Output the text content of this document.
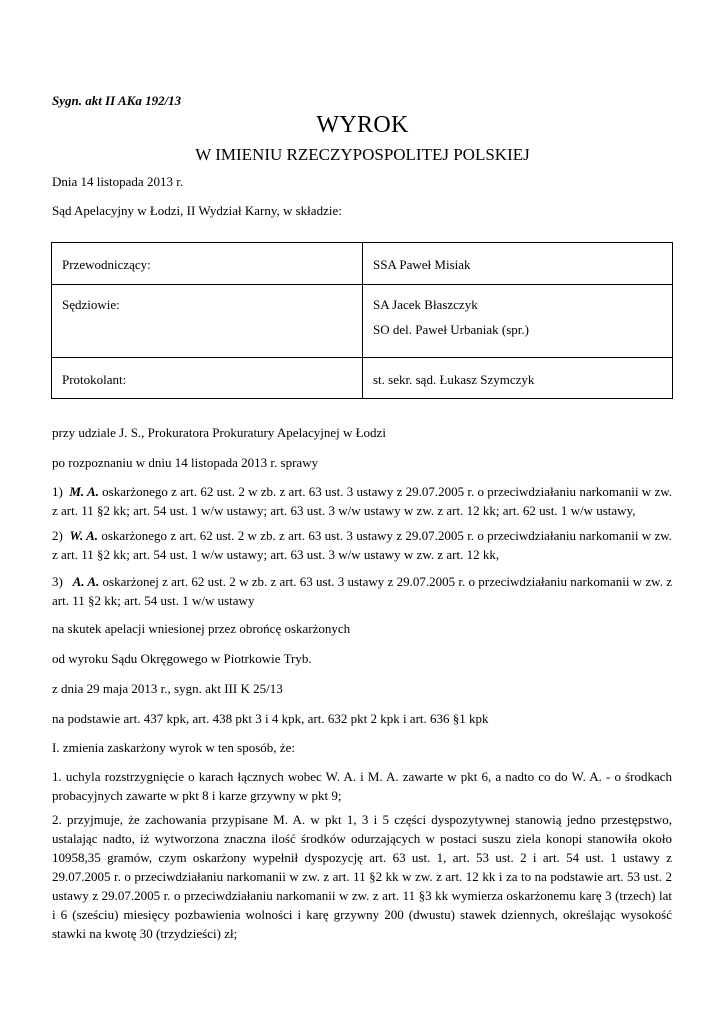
Sygn. akt II AKa 192/13
WYROK
W IMIENIU RZECZYPOSPOLITEJ POLSKIEJ
Dnia 14 listopada 2013 r.
Sąd Apelacyjny w Łodzi, II Wydział Karny, w składzie:
Przewodniczący:	SSA Paweł Misiak

Sędziowie:	SA Jacek Błaszczyk
SO del. Paweł Urbaniak (spr.)

Protokolant:	st. sekr. sąd. Łukasz Szymczyk
przy udziale J. S., Prokuratora Prokuratury Apelacyjnej w Łodzi
po rozpoznaniu w dniu 14 listopada 2013 r. sprawy
1) M. A. oskarżonego z art. 62 ust. 2 w zb. z art. 63 ust. 3 ustawy z 29.07.2005 r. o przeciwdziałaniu narkomanii w zw. z art. 11 §2 kk; art. 54 ust. 1 w/w ustawy; art. 63 ust. 3 w/w ustawy w zw. z art. 12 kk; art. 62 ust. 1 w/w ustawy,
2) W. A. oskarżonego z art. 62 ust. 2 w zb. z art. 63 ust. 3 ustawy z 29.07.2005 r. o przeciwdziałaniu narkomanii w zw. z art. 11 §2 kk; art. 54 ust. 1 w/w ustawy; art. 63 ust. 3 w/w ustawy w zw. z art. 12 kk,
3) A. A. oskarżonej z art. 62 ust. 2 w zb. z art. 63 ust. 3 ustawy z 29.07.2005 r. o przeciwdziałaniu narkomanii w zw. z art. 11 §2 kk; art. 54 ust. 1 w/w ustawy
na skutek apelacji wniesionej przez obrońcę oskarżonych
od wyroku Sądu Okręgowego w Piotrkowie Tryb.
z dnia 29 maja 2013 r., sygn. akt III K 25/13
na podstawie art. 437 kpk, art. 438 pkt 3 i 4 kpk, art. 632 pkt 2 kpk i art. 636 §1 kpk
I. zmienia zaskarżony wyrok w ten sposób, że:
1. uchyla rozstrzygnięcie o karach łącznych wobec W. A. i M. A. zawarte w pkt 6, a nadto co do W. A. - o środkach probacyjnych zawarte w pkt 8 i karze grzywny w pkt 9;
2. przyjmuje, że zachowania przypisane M. A. w pkt 1, 3 i 5 części dyspozytywnej stanowią jedno przestępstwo, ustalając nadto, iż wytworzona znaczna ilość środków odurzających w postaci suszu ziela konopi stanowiła około 10958,35 gramów, czym oskarżony wypełnił dyspozycję art. 63 ust. 1, art. 53 ust. 2 i art. 54 ust. 1 ustawy z 29.07.2005 r. o przeciwdziałaniu narkomanii w zw. z art. 11 §2 kk w zw. z art. 12 kk i za to na podstawie art. 53 ust. 2 ustawy z 29.07.2005 r. o przeciwdziałaniu narkomanii w zw. z art. 11 §3 kk wymierza oskarżonemu karę 3 (trzech) lat i 6 (sześciu) miesięcy pozbawienia wolności i karę grzywny 200 (dwustu) stawek dziennych, określając wysokość stawki na kwotę 30 (trzydzieści) zł;
